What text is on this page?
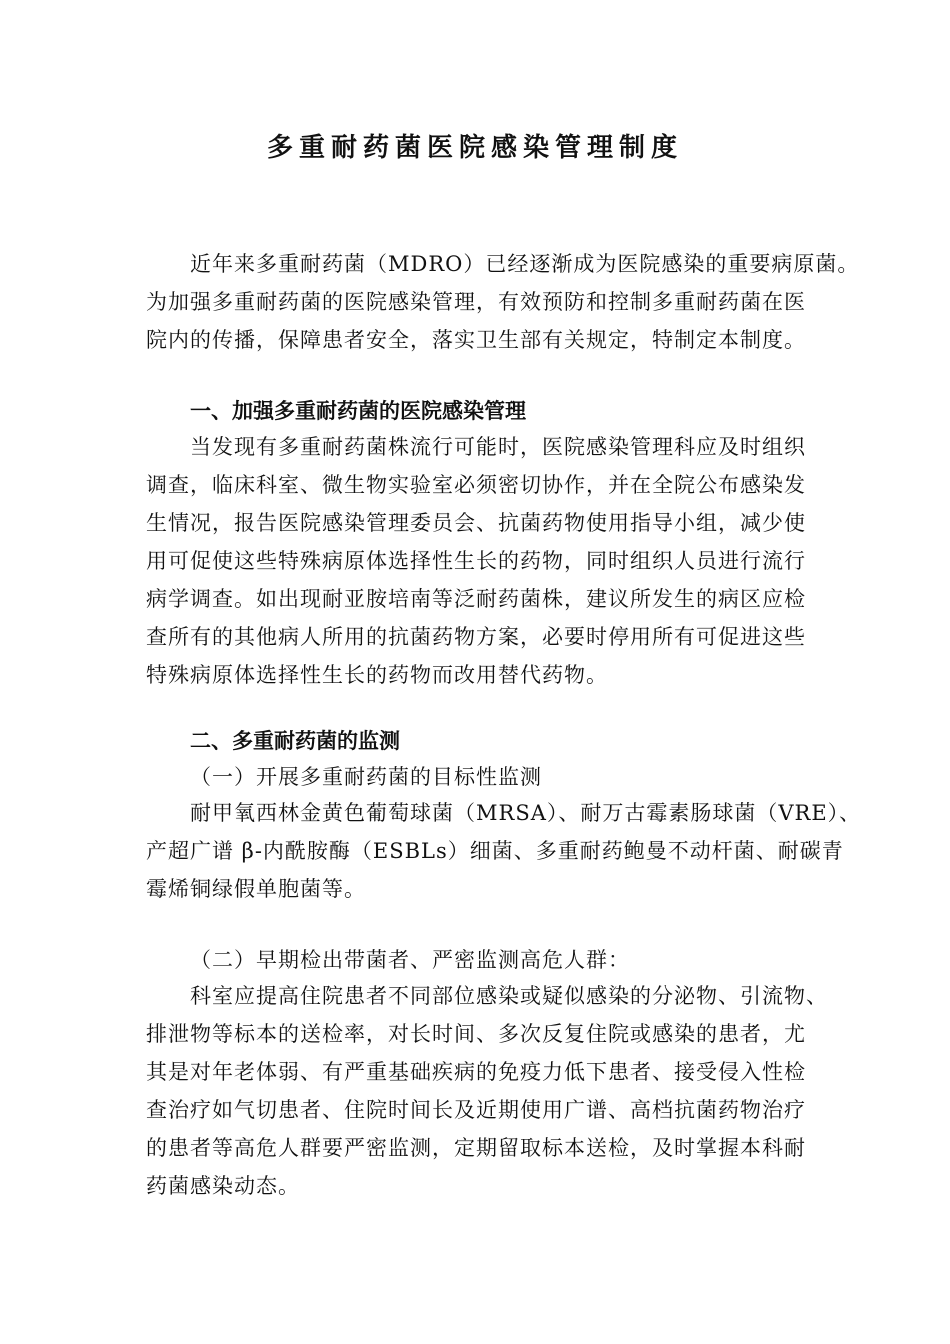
多重耐药菌医院感染管理制度

近年来多重耐药菌（MDRO）已经逐渐成为医院感染的重要病原菌。
为加强多重耐药菌的医院感染管理，有效预防和控制多重耐药菌在医
院内的传播，保障患者安全，落实卫生部有关规定，特制定本制度。

一、加强多重耐药菌的医院感染管理

当发现有多重耐药菌株流行可能时，医院感染管理科应及时组织
调查，临床科室、微生物实验室必须密切协作，并在全院公布感染发
生情况，报告医院感染管理委员会、抗菌药物使用指导小组，减少使
用可促使这些特殊病原体选择性生长的药物，同时组织人员进行流行
病学调查。如出现耐亚胺培南等泛耐药菌株，建议所发生的病区应检
查所有的其他病人所用的抗菌药物方案，必要时停用所有可促进这些
特殊病原体选择性生长的药物而改用替代药物。

二、多重耐药菌的监测

（一）开展多重耐药菌的目标性监测

耐甲氧西林金黄色葡萄球菌（MRSA）、耐万古霉素肠球菌（VRE）、
产超广谱 β-内酰胺酶（ESBLs）细菌、多重耐药鲍曼不动杆菌、耐碳青
霉烯铜绿假单胞菌等。

（二）早期检出带菌者、严密监测高危人群：

科室应提高住院患者不同部位感染或疑似感染的分泌物、引流物、
排泄物等标本的送检率，对长时间、多次反复住院或感染的患者，尤
其是对年老体弱、有严重基础疾病的免疫力低下患者、接受侵入性检
查治疗如气切患者、住院时间长及近期使用广谱、高档抗菌药物治疗
的患者等高危人群要严密监测，定期留取标本送检，及时掌握本科耐
药菌感染动态。
